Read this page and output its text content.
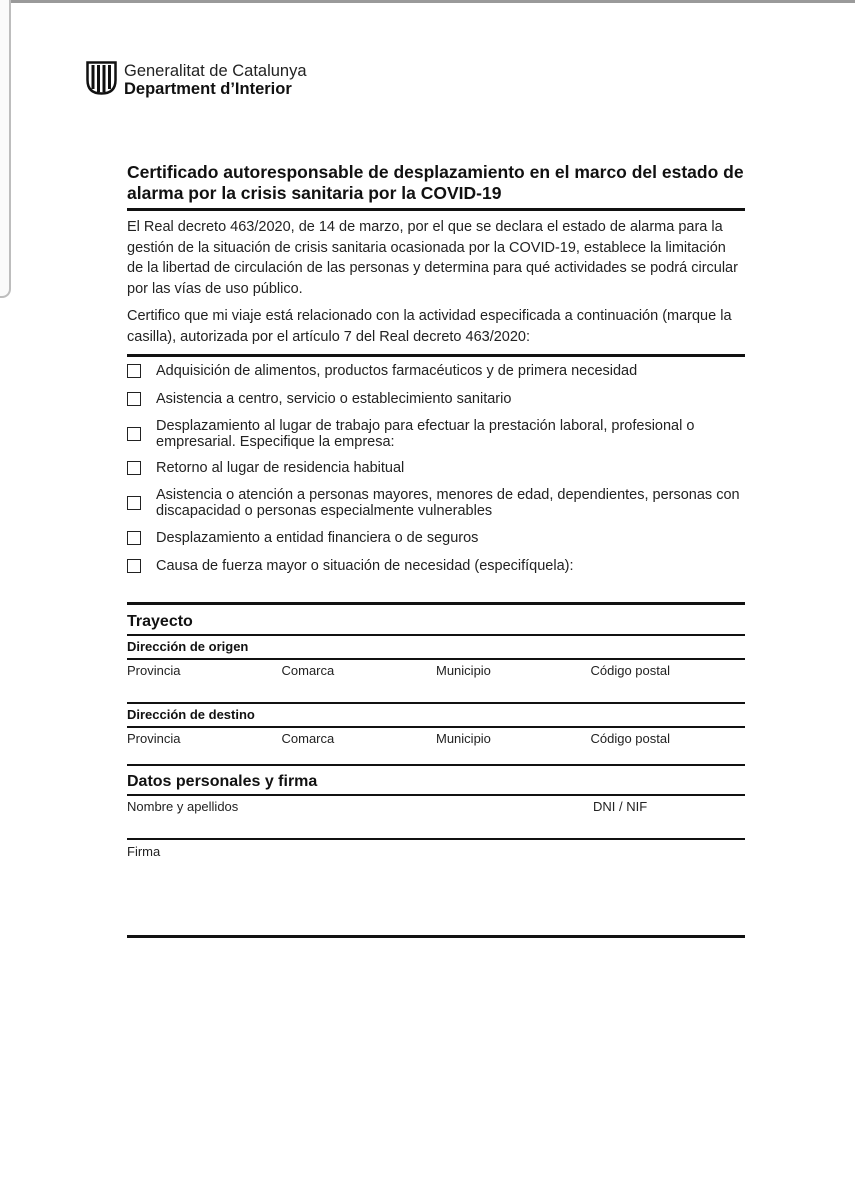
Generalitat de Catalunya
Department d’Interior
Certificado autoresponsable de desplazamiento en el marco del estado de alarma por la crisis sanitaria por la COVID-19

El Real decreto 463/2020, de 14 de marzo, por el que se declara el estado de alarma para la gestión de la situación de crisis sanitaria ocasionada por la COVID-19, establece la limitación de la libertad de circulación de las personas y determina para qué actividades se podrá circular por las vías de uso público.

Certifico que mi viaje está relacionado con la actividad especificada a continuación (marque la casilla), autorizada por el artículo 7 del Real decreto 463/2020:

Adquisición de alimentos, productos farmacéuticos y de primera necesidad
Asistencia a centro, servicio o establecimiento sanitario
Desplazamiento al lugar de trabajo para efectuar la prestación laboral, profesional o empresarial. Especifique la empresa:
Retorno al lugar de residencia habitual
Asistencia o atención a personas mayores, menores de edad, dependientes, personas con discapacidad o personas especialmente vulnerables
Desplazamiento a entidad financiera o de seguros
Causa de fuerza mayor o situación de necesidad (especifíquela):
Trayecto
Dirección de origen
Provincia	Comarca	Municipio	Código postal
Dirección de destino
Provincia	Comarca	Municipio	Código postal
Datos personales y firma
Nombre y apellidos	DNI / NIF
Firma
